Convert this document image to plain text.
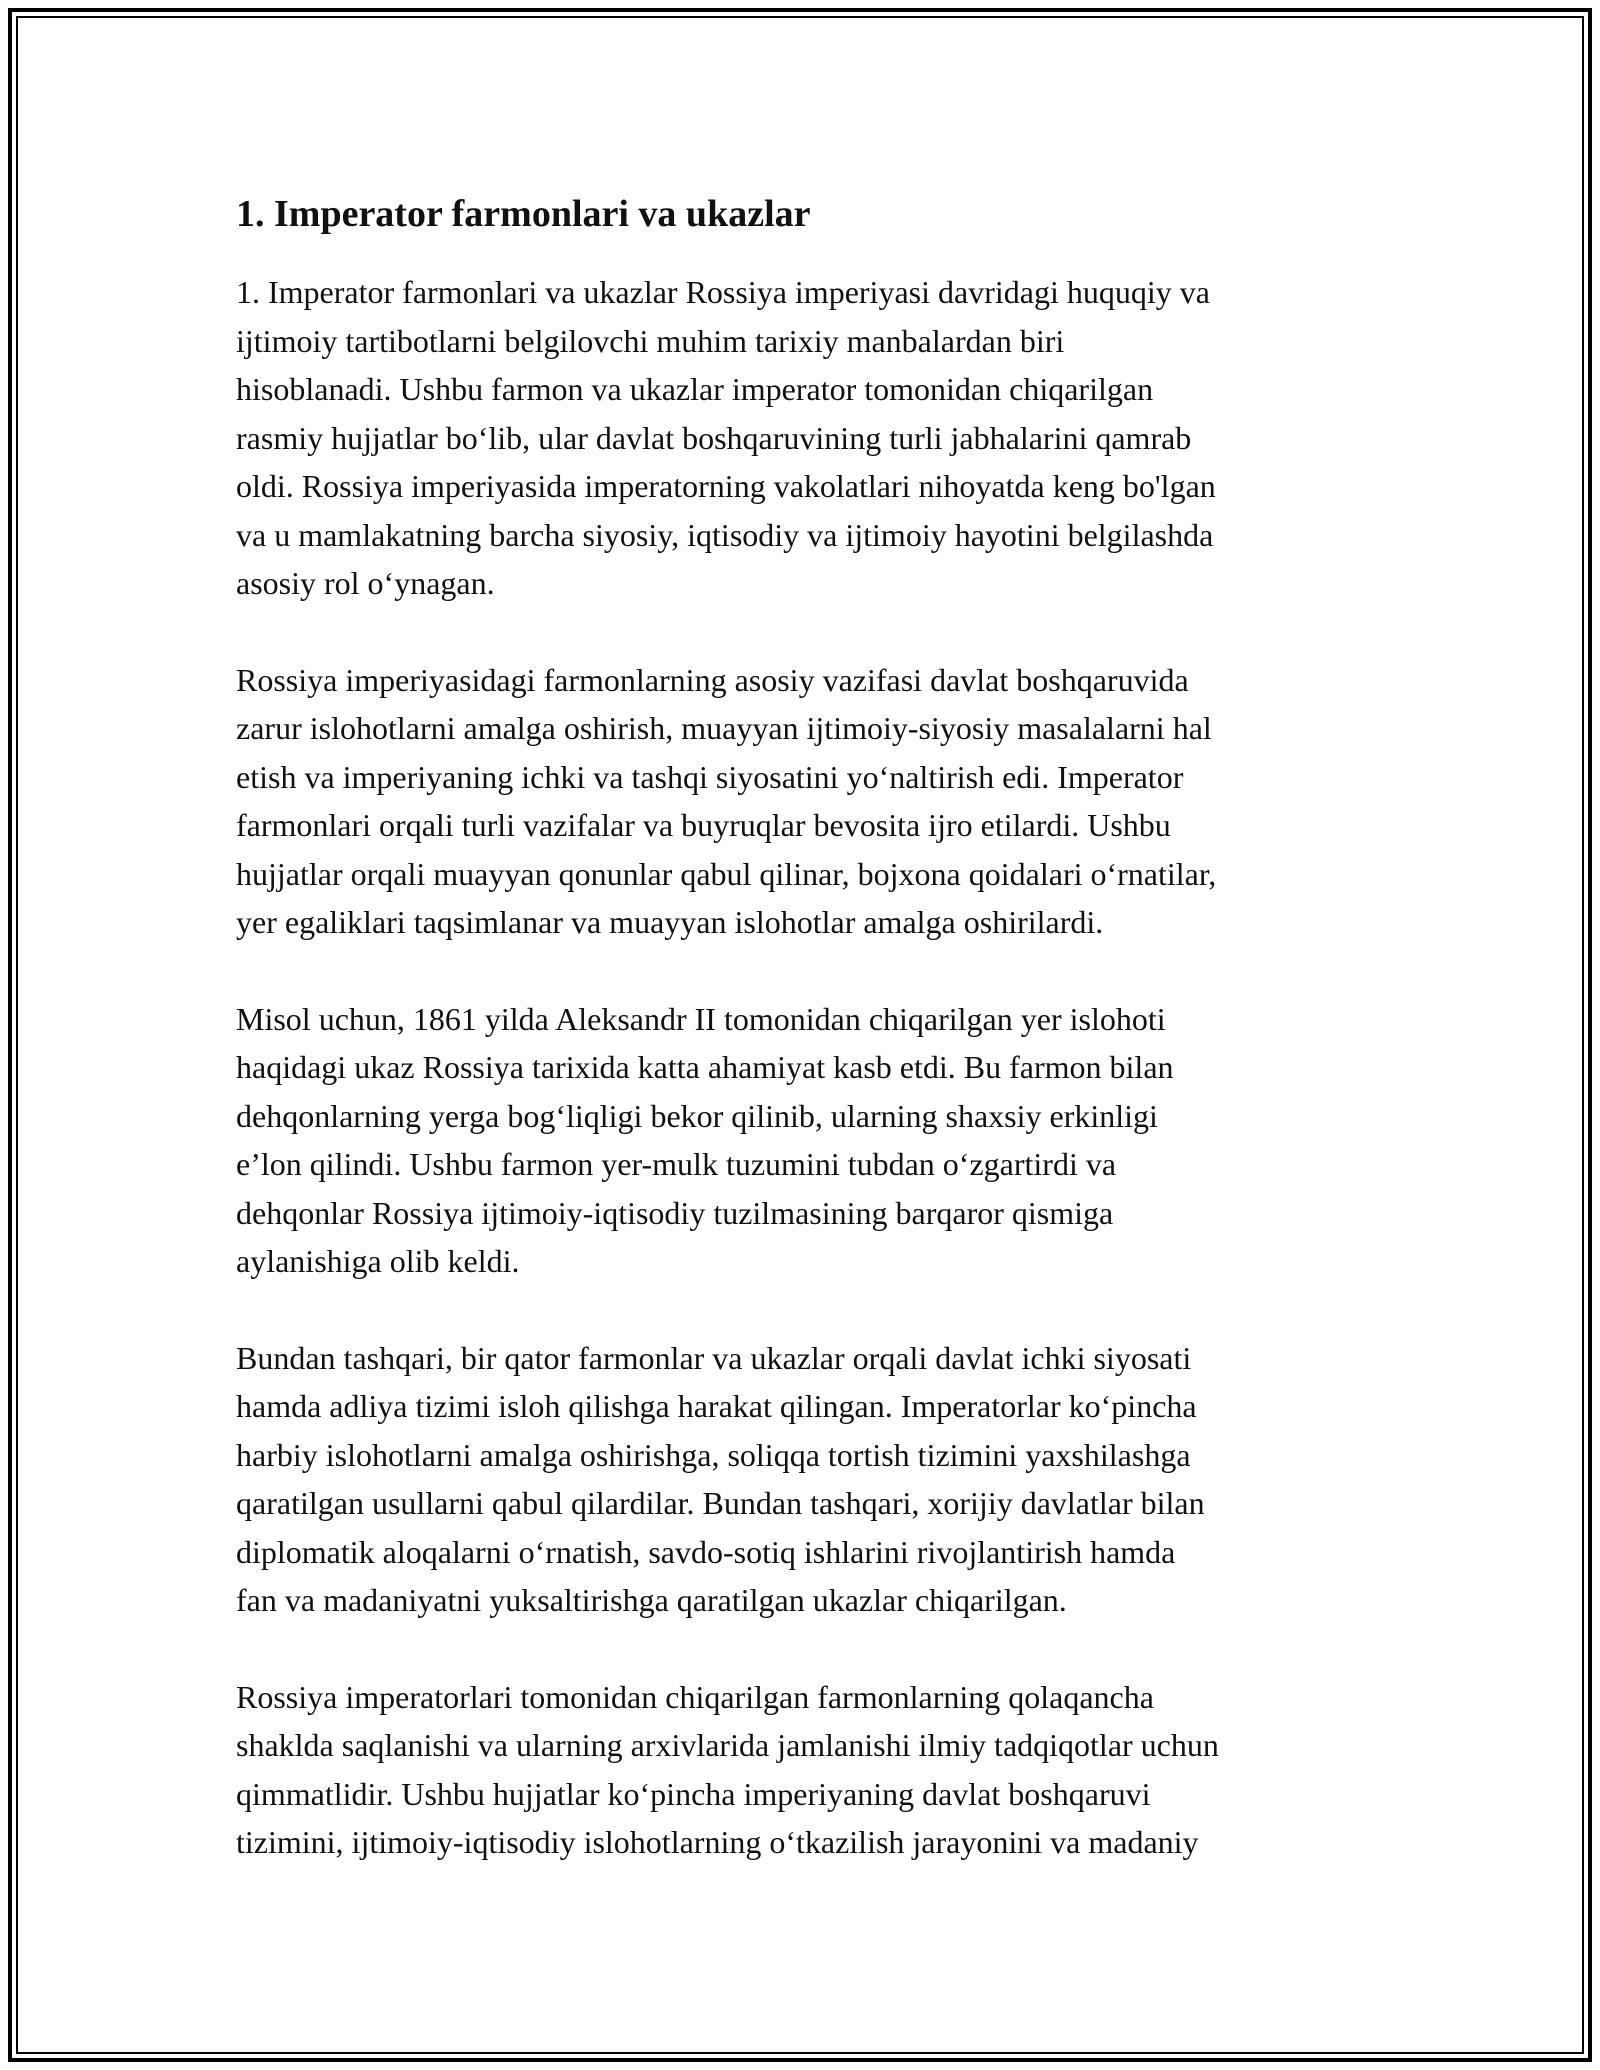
1. Imperator farmonlari va ukazlar

1. Imperator farmonlari va ukazlar Rossiya imperiyasi davridagi huquqiy va
ijtimoiy tartibotlarni belgilovchi muhim tarixiy manbalardan biri
hisoblanadi. Ushbu farmon va ukazlar imperator tomonidan chiqarilgan
rasmiy hujjatlar bo‘lib, ular davlat boshqaruvining turli jabhalarini qamrab
oldi. Rossiya imperiyasida imperatorning vakolatlari nihoyatda keng bo'lgan
va u mamlakatning barcha siyosiy, iqtisodiy va ijtimoiy hayotini belgilashda
asosiy rol o‘ynagan.

Rossiya imperiyasidagi farmonlarning asosiy vazifasi davlat boshqaruvida
zarur islohotlarni amalga oshirish, muayyan ijtimoiy-siyosiy masalalarni hal
etish va imperiyaning ichki va tashqi siyosatini yo‘naltirish edi. Imperator
farmonlari orqali turli vazifalar va buyruqlar bevosita ijro etilardi. Ushbu
hujjatlar orqali muayyan qonunlar qabul qilinar, bojxona qoidalari o‘rnatilar,
yer egaliklari taqsimlanar va muayyan islohotlar amalga oshirilardi.

Misol uchun, 1861 yilda Aleksandr II tomonidan chiqarilgan yer islohoti
haqidagi ukaz Rossiya tarixida katta ahamiyat kasb etdi. Bu farmon bilan
dehqonlarning yerga bog‘liqligi bekor qilinib, ularning shaxsiy erkinligi
e’lon qilindi. Ushbu farmon yer-mulk tuzumini tubdan o‘zgartirdi va
dehqonlar Rossiya ijtimoiy-iqtisodiy tuzilmasining barqaror qismiga
aylanishiga olib keldi.

Bundan tashqari, bir qator farmonlar va ukazlar orqali davlat ichki siyosati
hamda adliya tizimi isloh qilishga harakat qilingan. Imperatorlar ko‘pincha
harbiy islohotlarni amalga oshirishga, soliqqa tortish tizimini yaxshilashga
qaratilgan usullarni qabul qilardilar. Bundan tashqari, xorijiy davlatlar bilan
diplomatik aloqalarni o‘rnatish, savdo-sotiq ishlarini rivojlantirish hamda
fan va madaniyatni yuksaltirishga qaratilgan ukazlar chiqarilgan.

Rossiya imperatorlari tomonidan chiqarilgan farmonlarning qolaqancha
shaklda saqlanishi va ularning arxivlarida jamlanishi ilmiy tadqiqotlar uchun
qimmatlidir. Ushbu hujjatlar ko‘pincha imperiyaning davlat boshqaruvi
tizimini, ijtimoiy-iqtisodiy islohotlarning o‘tkazilish jarayonini va madaniy
